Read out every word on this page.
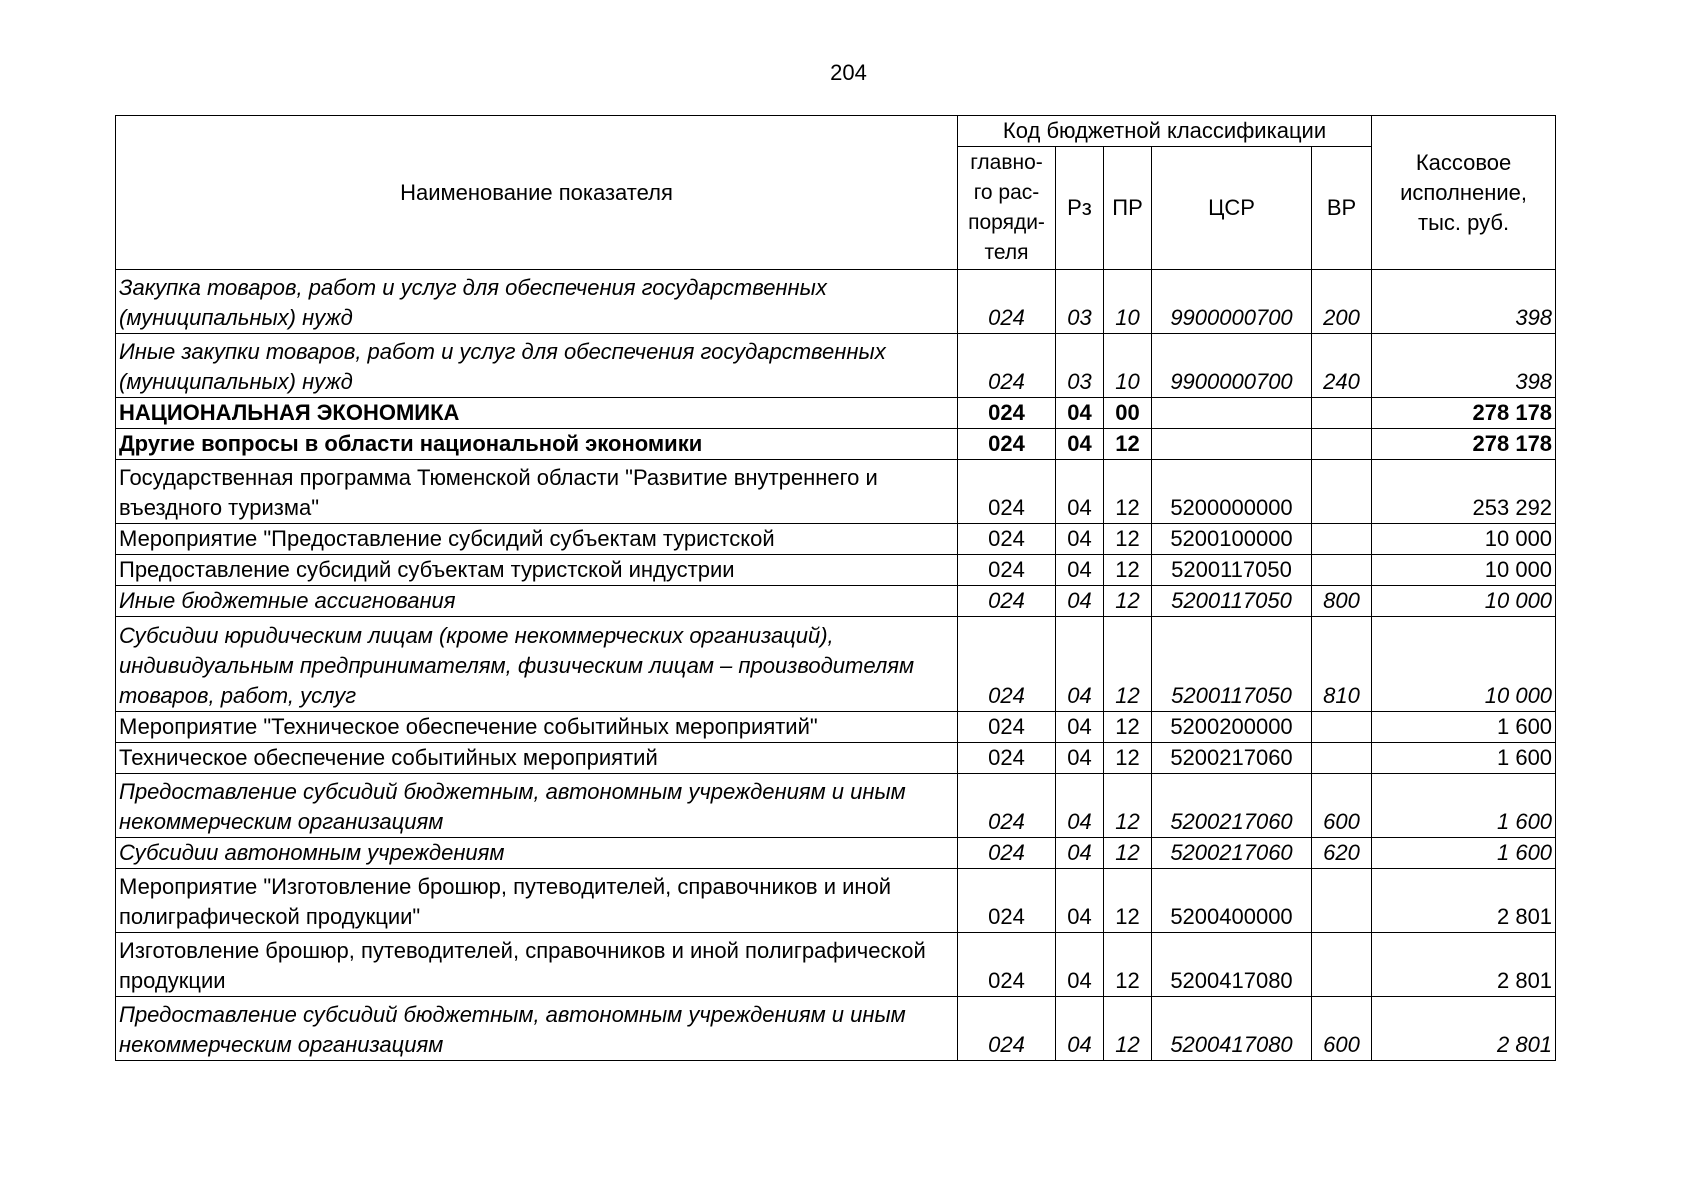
204
Наименование показателя	Код бюджетной классификации					Кассовое исполнение, тыс. руб.
	главно-
го рас-
поряди-
теля	Рз	ПР	ЦСР	ВР	
Закупка товаров, работ и услуг для обеспечения государственных (муниципальных) нужд	024	03	10	9900000700	200	398
Иные закупки товаров, работ и услуг для обеспечения государственных (муниципальных) нужд	024	03	10	9900000700	240	398
НАЦИОНАЛЬНАЯ ЭКОНОМИКА	024	04	00			278 178
Другие вопросы в области национальной экономики	024	04	12			278 178
Государственная программа Тюменской области "Развитие внутреннего и въездного туризма"	024	04	12	5200000000		253 292
Мероприятие "Предоставление субсидий субъектам туристской	024	04	12	5200100000		10 000
Предоставление субсидий субъектам туристской индустрии	024	04	12	5200117050		10 000
Иные бюджетные ассигнования	024	04	12	5200117050	800	10 000
Субсидии юридическим лицам (кроме некоммерческих организаций), индивидуальным предпринимателям, физическим лицам – производителям товаров, работ, услуг	024	04	12	5200117050	810	10 000
Мероприятие "Техническое обеспечение событийных мероприятий"	024	04	12	5200200000		1 600
Техническое обеспечение событийных мероприятий	024	04	12	5200217060		1 600
Предоставление субсидий бюджетным, автономным учреждениям и иным некоммерческим организациям	024	04	12	5200217060	600	1 600
Субсидии автономным учреждениям	024	04	12	5200217060	620	1 600
Мероприятие "Изготовление брошюр, путеводителей, справочников и иной полиграфической продукции"	024	04	12	5200400000		2 801
Изготовление брошюр, путеводителей, справочников и иной полиграфической продукции	024	04	12	5200417080		2 801
Предоставление субсидий бюджетным, автономным учреждениям и иным некоммерческим организациям	024	04	12	5200417080	600	2 801
